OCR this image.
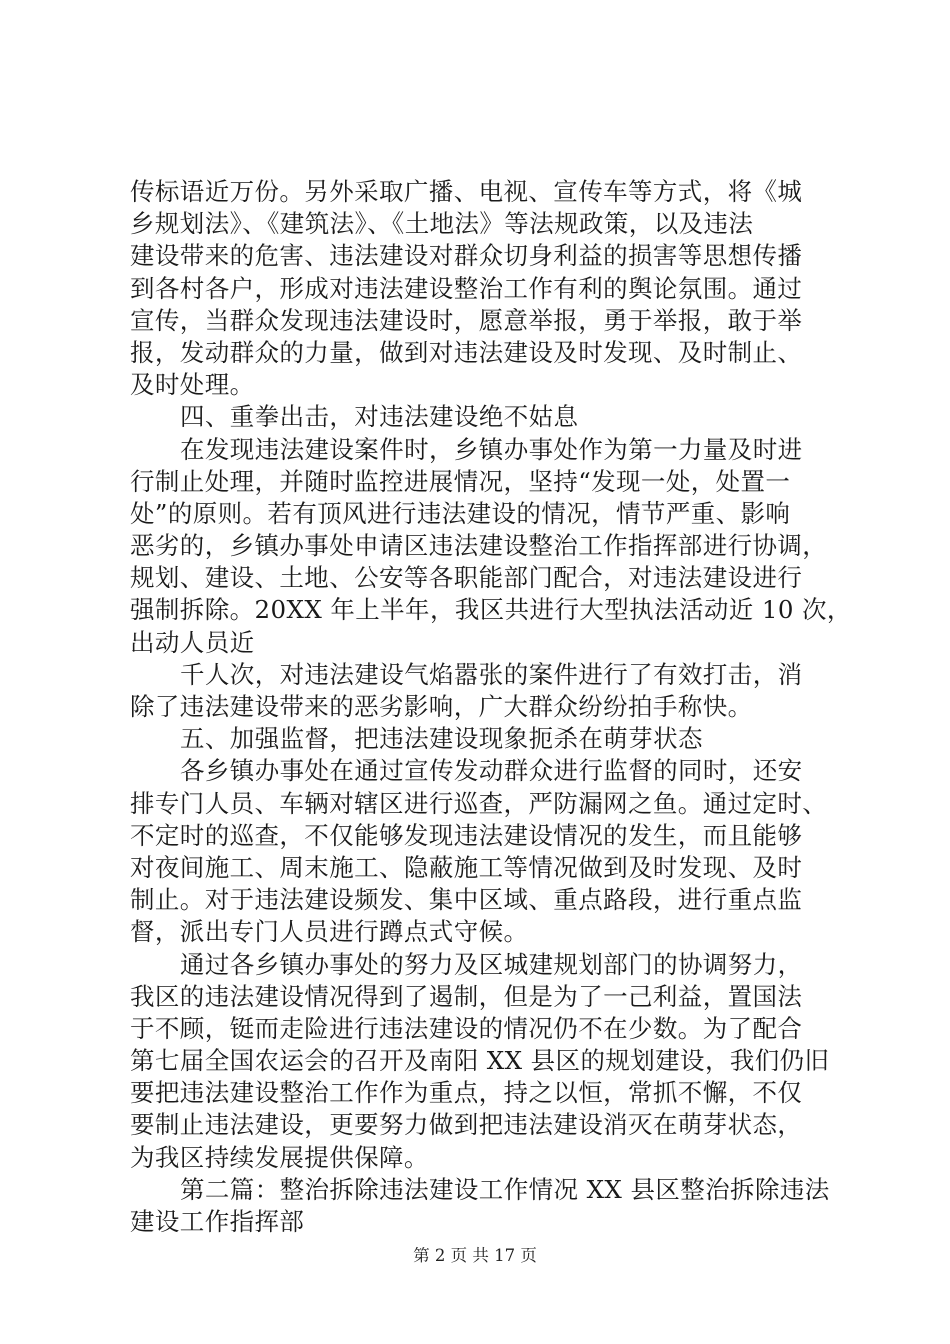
传标语近万份。另外采取广播、电视、宣传车等方式，将《城
乡规划法》、《建筑法》、《土地法》等法规政策，以及违法
建设带来的危害、违法建设对群众切身利益的损害等思想传播
到各村各户，形成对违法建设整治工作有利的舆论氛围。通过
宣传，当群众发现违法建设时，愿意举报，勇于举报，敢于举
报，发动群众的力量，做到对违法建设及时发现、及时制止、
及时处理。
四、重拳出击，对违法建设绝不姑息
在发现违法建设案件时，乡镇办事处作为第一力量及时进
行制止处理，并随时监控进展情况，坚持“发现一处，处置一
处”的原则。若有顶风进行违法建设的情况，情节严重、影响
恶劣的，乡镇办事处申请区违法建设整治工作指挥部进行协调，
规划、建设、土地、公安等各职能部门配合，对违法建设进行
强制拆除。20XX 年上半年，我区共进行大型执法活动近 10 次，
出动人员近
千人次，对违法建设气焰嚣张的案件进行了有效打击，消
除了违法建设带来的恶劣影响，广大群众纷纷拍手称快。
五、加强监督，把违法建设现象扼杀在萌芽状态
各乡镇办事处在通过宣传发动群众进行监督的同时，还安
排专门人员、车辆对辖区进行巡查，严防漏网之鱼。通过定时、
不定时的巡查，不仅能够发现违法建设情况的发生，而且能够
对夜间施工、周末施工、隐蔽施工等情况做到及时发现、及时
制止。对于违法建设频发、集中区域、重点路段，进行重点监
督，派出专门人员进行蹲点式守候。
通过各乡镇办事处的努力及区城建规划部门的协调努力，
我区的违法建设情况得到了遏制，但是为了一己利益，置国法
于不顾，铤而走险进行违法建设的情况仍不在少数。为了配合
第七届全国农运会的召开及南阳 XX 县区的规划建设，我们仍旧
要把违法建设整治工作作为重点，持之以恒，常抓不懈，不仅
要制止违法建设，更要努力做到把违法建设消灭在萌芽状态，
为我区持续发展提供保障。
第二篇：整治拆除违法建设工作情况 XX 县区整治拆除违法
建设工作指挥部
第 2 页 共 17 页
